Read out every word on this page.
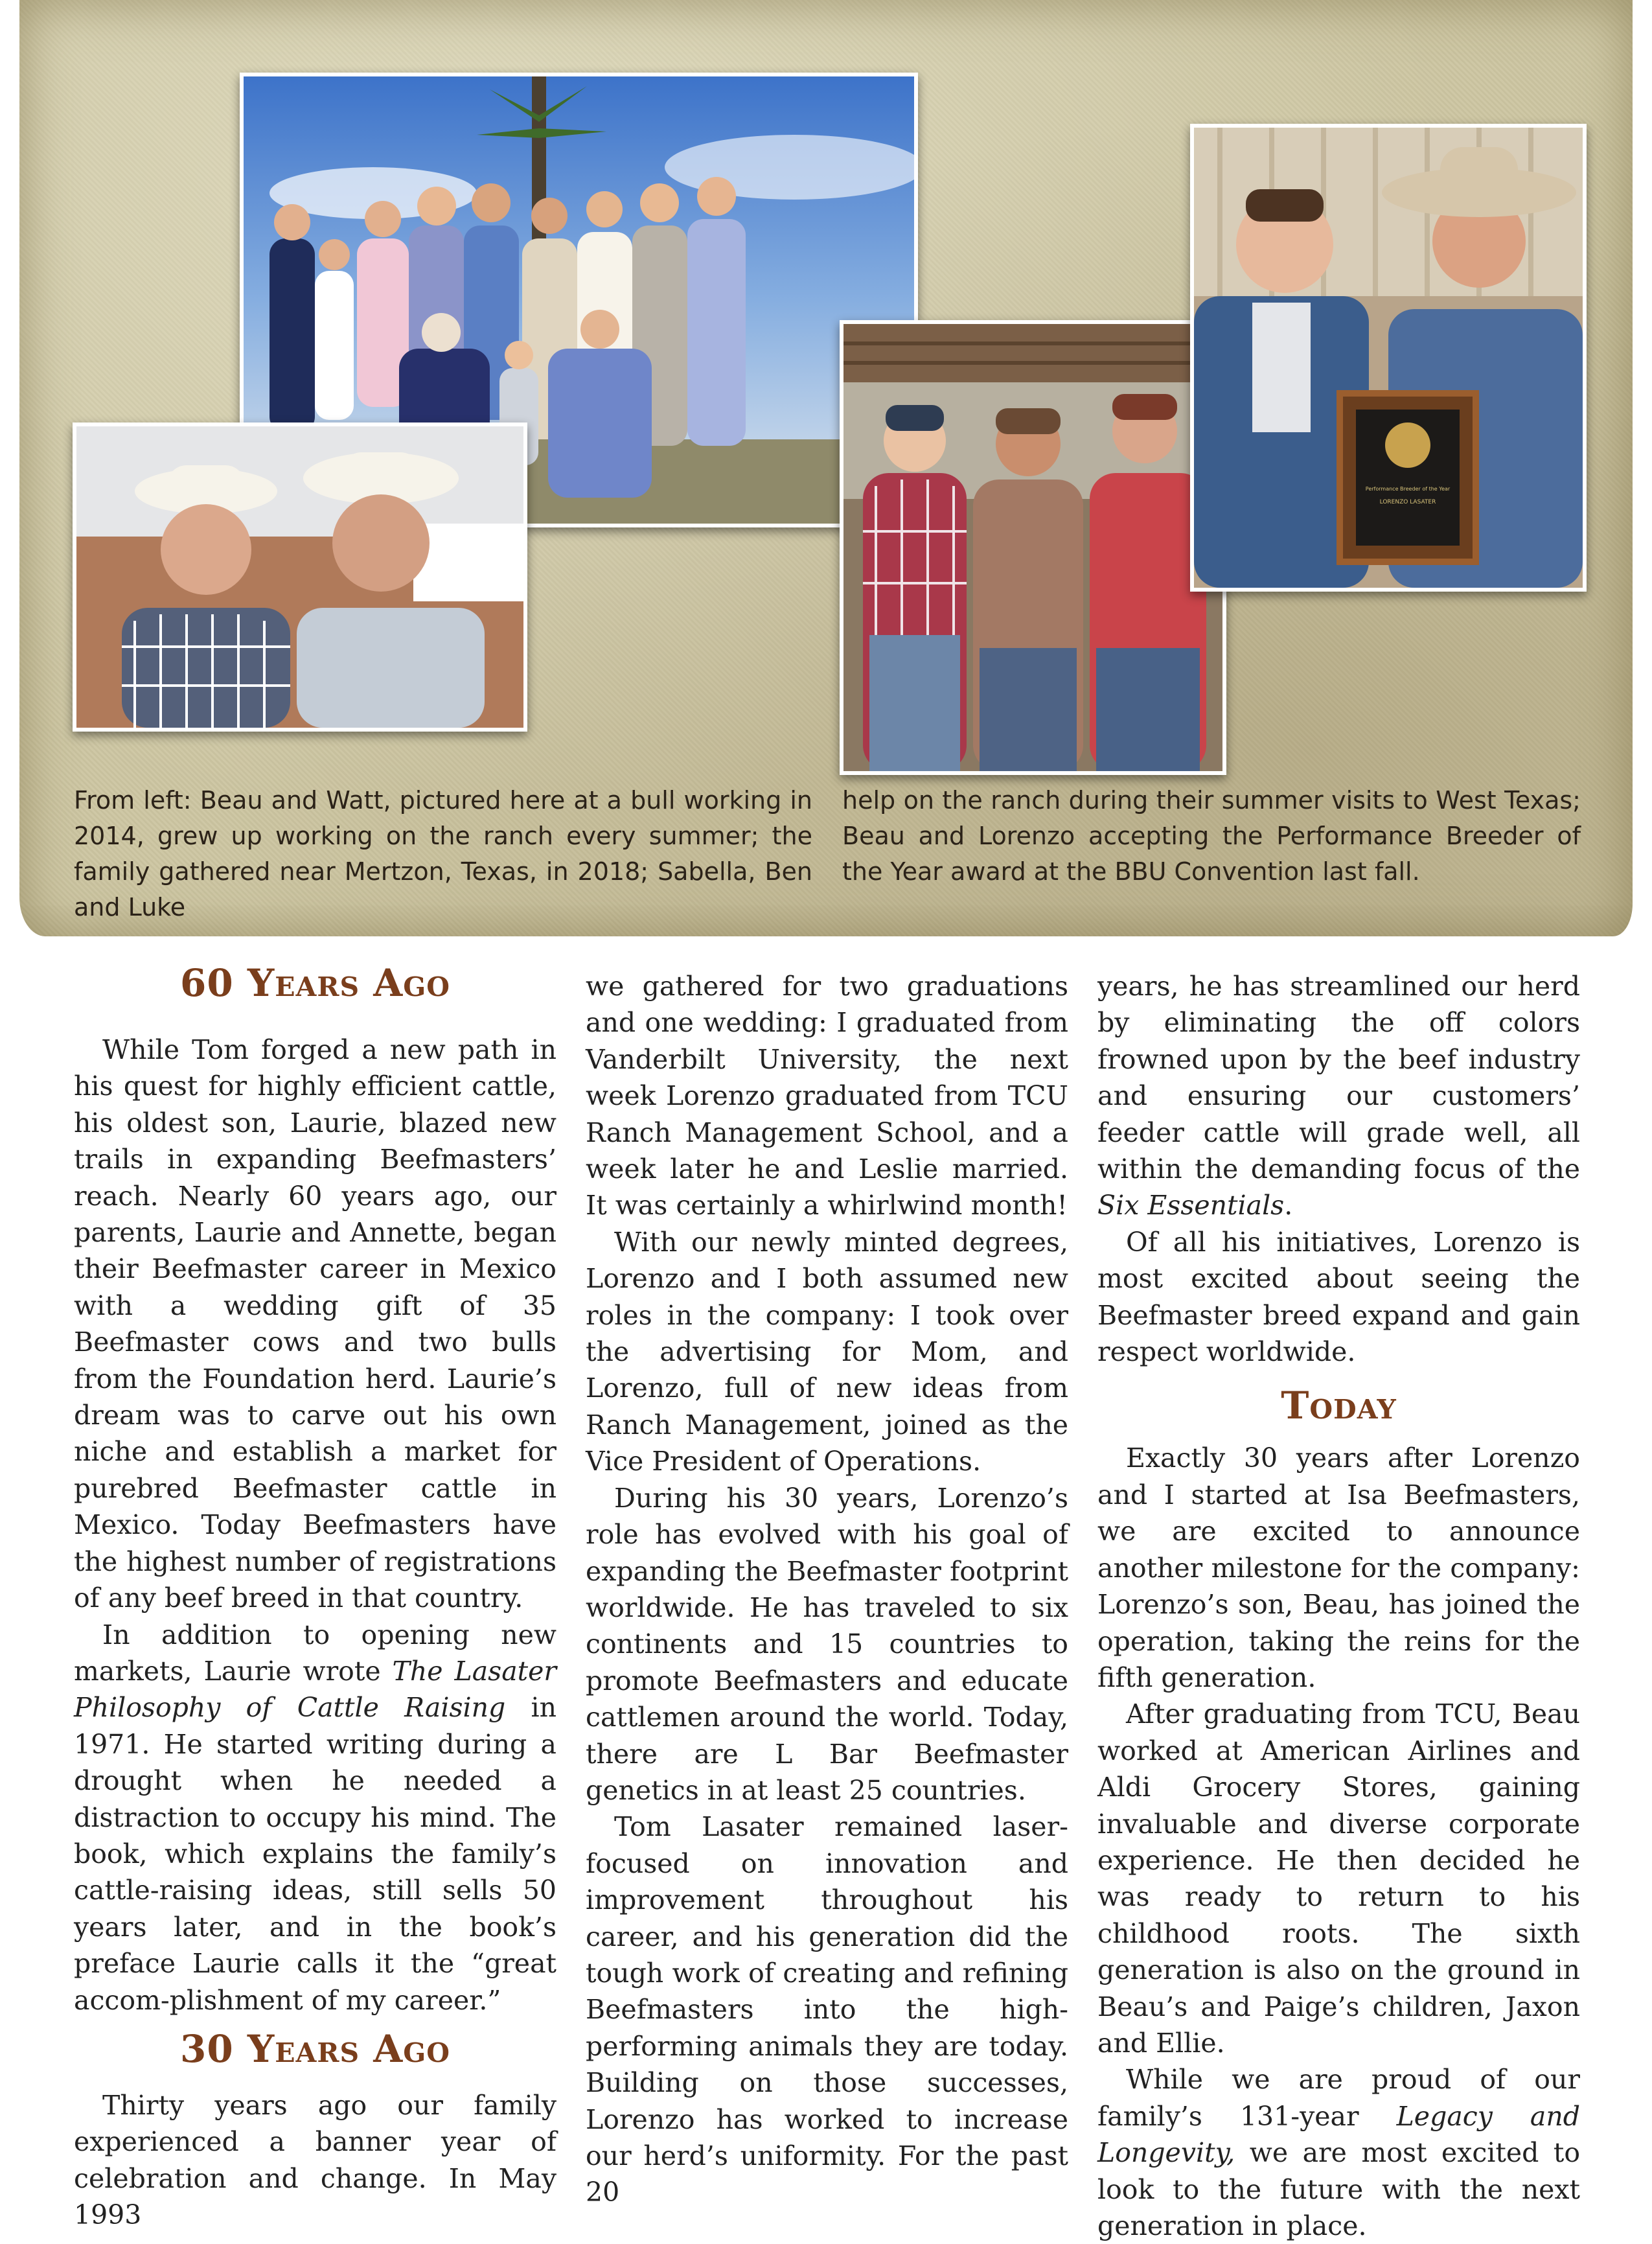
Performance Breeder of the Year
LORENZO LASATER
From left: Beau and Watt, pictured here at a bull working in 2014, grew up working on the ranch every summer; the family gathered near Mertzon, Texas, in 2018; Sabella, Ben and Luke
help on the ranch during their summer visits to West Texas; Beau and Lorenzo accepting the Performance Breeder of the Year award at the BBU Convention last fall.
60 Years Ago

While Tom forged a new path in his quest for highly efficient cattle, his oldest son, Laurie, blazed new trails in expanding Beefmasters’ reach. Nearly 60 years ago, our parents, Laurie and Annette, began their Beefmaster career in Mexico with a wedding gift of 35 Beefmaster cows and two bulls from the Foundation herd. Laurie’s dream was to carve out his own niche and establish a market for purebred Beefmaster cattle in Mexico. Today Beefmasters have the highest number of registrations of any beef breed in that country.

In addition to opening new markets, Laurie wrote The Lasater Philosophy of Cattle Raising in 1971. He started writing during a drought when he needed a distraction to occupy his mind. The book, which explains the family’s cattle-raising ideas, still sells 50 years later, and in the book’s preface Laurie calls it the “great accom-plishment of my career.”

30 Years Ago

Thirty years ago our family experienced a banner year of celebration and change. In May 1993

we gathered for two graduations and one wedding: I graduated from Vanderbilt University, the next week Lorenzo graduated from TCU Ranch Management School, and a week later he and Leslie married. It was certainly a whirlwind month!

With our newly minted degrees, Lorenzo and I both assumed new roles in the company: I took over the advertising for Mom, and Lorenzo, full of new ideas from Ranch Management, joined as the Vice President of Operations.

During his 30 years, Lorenzo’s role has evolved with his goal of expanding the Beefmaster footprint worldwide. He has traveled to six continents and 15 countries to promote Beefmasters and educate cattlemen around the world. Today, there are L Bar Beefmaster genetics in at least 25 countries.

Tom Lasater remained laser-focused on innovation and improvement throughout his career, and his generation did the tough work of creating and refining Beefmasters into the high-performing animals they are today. Building on those successes, Lorenzo has worked to increase our herd’s uniformity. For the past 20

years, he has streamlined our herd by eliminating the off colors frowned upon by the beef industry and ensuring our customers’ feeder cattle will grade well, all within the demanding focus of the Six Essentials.

Of all his initiatives, Lorenzo is most excited about seeing the Beefmaster breed expand and gain respect worldwide.

Today

Exactly 30 years after Lorenzo and I started at Isa Beefmasters, we are excited to announce another milestone for the company: Lorenzo’s son, Beau, has joined the operation, taking the reins for the fifth generation.

After graduating from TCU, Beau worked at American Airlines and Aldi Grocery Stores, gaining invaluable and diverse corporate experience. He then decided he was ready to return to his childhood roots. The sixth generation is also on the ground in Beau’s and Paige’s children, Jaxon and Ellie.

While we are proud of our family’s 131-year Legacy and Longevity, we are most excited to look to the future with the next generation in place.
